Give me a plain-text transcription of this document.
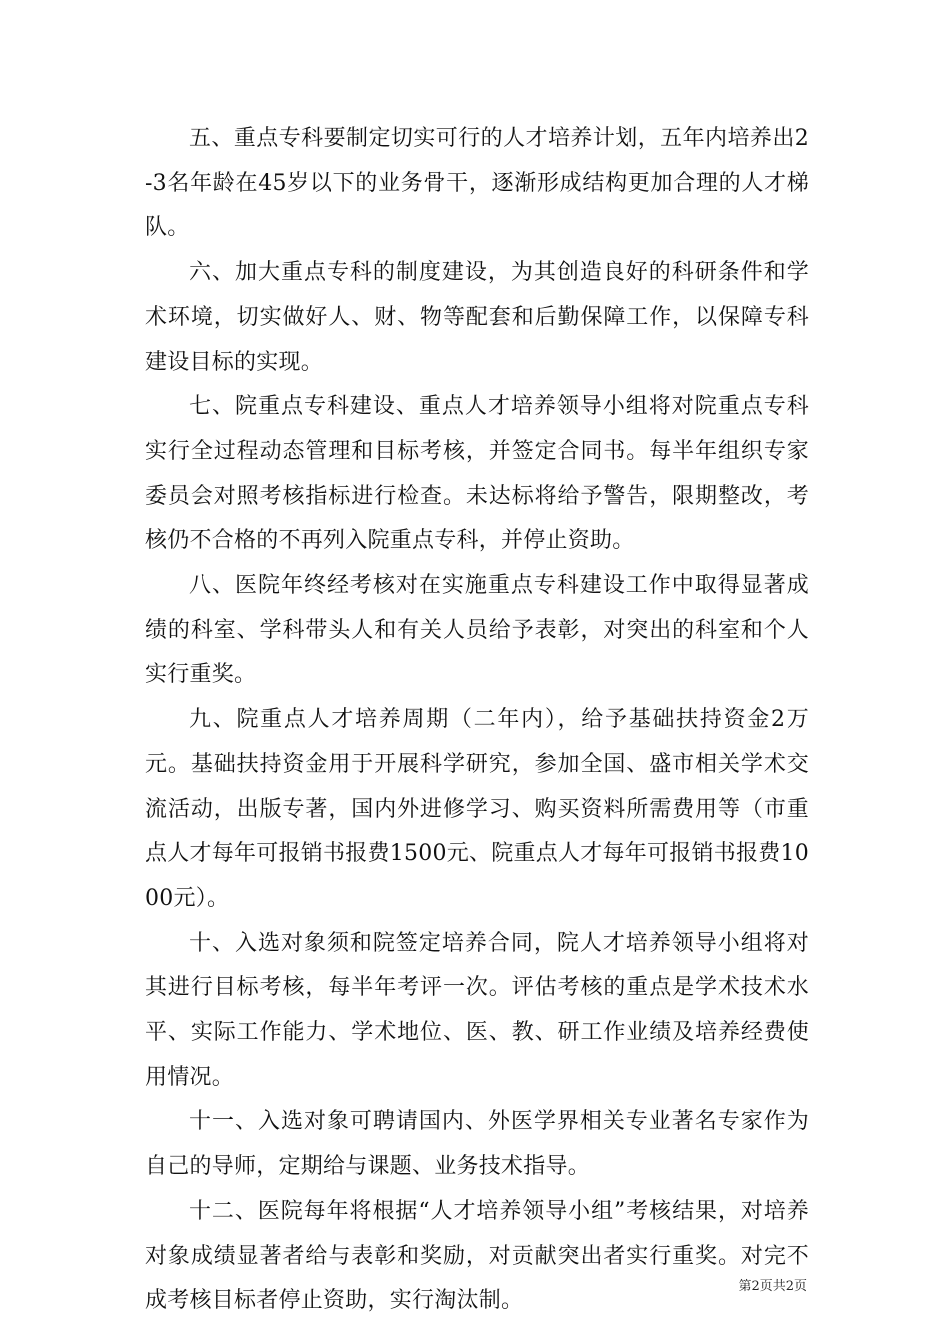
五、重点专科要制定切实可行的人才培养计划，五年内培养出2-3名年龄在45岁以下的业务骨干，逐渐形成结构更加合理的人才梯队。

六、加大重点专科的制度建设，为其创造良好的科研条件和学术环境，切实做好人、财、物等配套和后勤保障工作，以保障专科建设目标的实现。

七、院重点专科建设、重点人才培养领导小组将对院重点专科实行全过程动态管理和目标考核，并签定合同书。每半年组织专家委员会对照考核指标进行检查。未达标将给予警告，限期整改，考核仍不合格的不再列入院重点专科，并停止资助。

八、医院年终经考核对在实施重点专科建设工作中取得显著成绩的科室、学科带头人和有关人员给予表彰，对突出的科室和个人实行重奖。

九、院重点人才培养周期（二年内），给予基础扶持资金2万元。基础扶持资金用于开展科学研究，参加全国、盛市相关学术交流活动，出版专著，国内外进修学习、购买资料所需费用等（市重点人才每年可报销书报费1500元、院重点人才每年可报销书报费1000元）。

十、入选对象须和院签定培养合同，院人才培养领导小组将对其进行目标考核，每半年考评一次。评估考核的重点是学术技术水平、实际工作能力、学术地位、医、教、研工作业绩及培养经费使用情况。

十一、入选对象可聘请国内、外医学界相关专业著名专家作为自己的导师，定期给与课题、业务技术指导。

十二、医院每年将根据“人才培养领导小组”考核结果，对培养对象成绩显著者给与表彰和奖励，对贡献突出者实行重奖。对完不成考核目标者停止资助，实行淘汰制。

第2页共2页
